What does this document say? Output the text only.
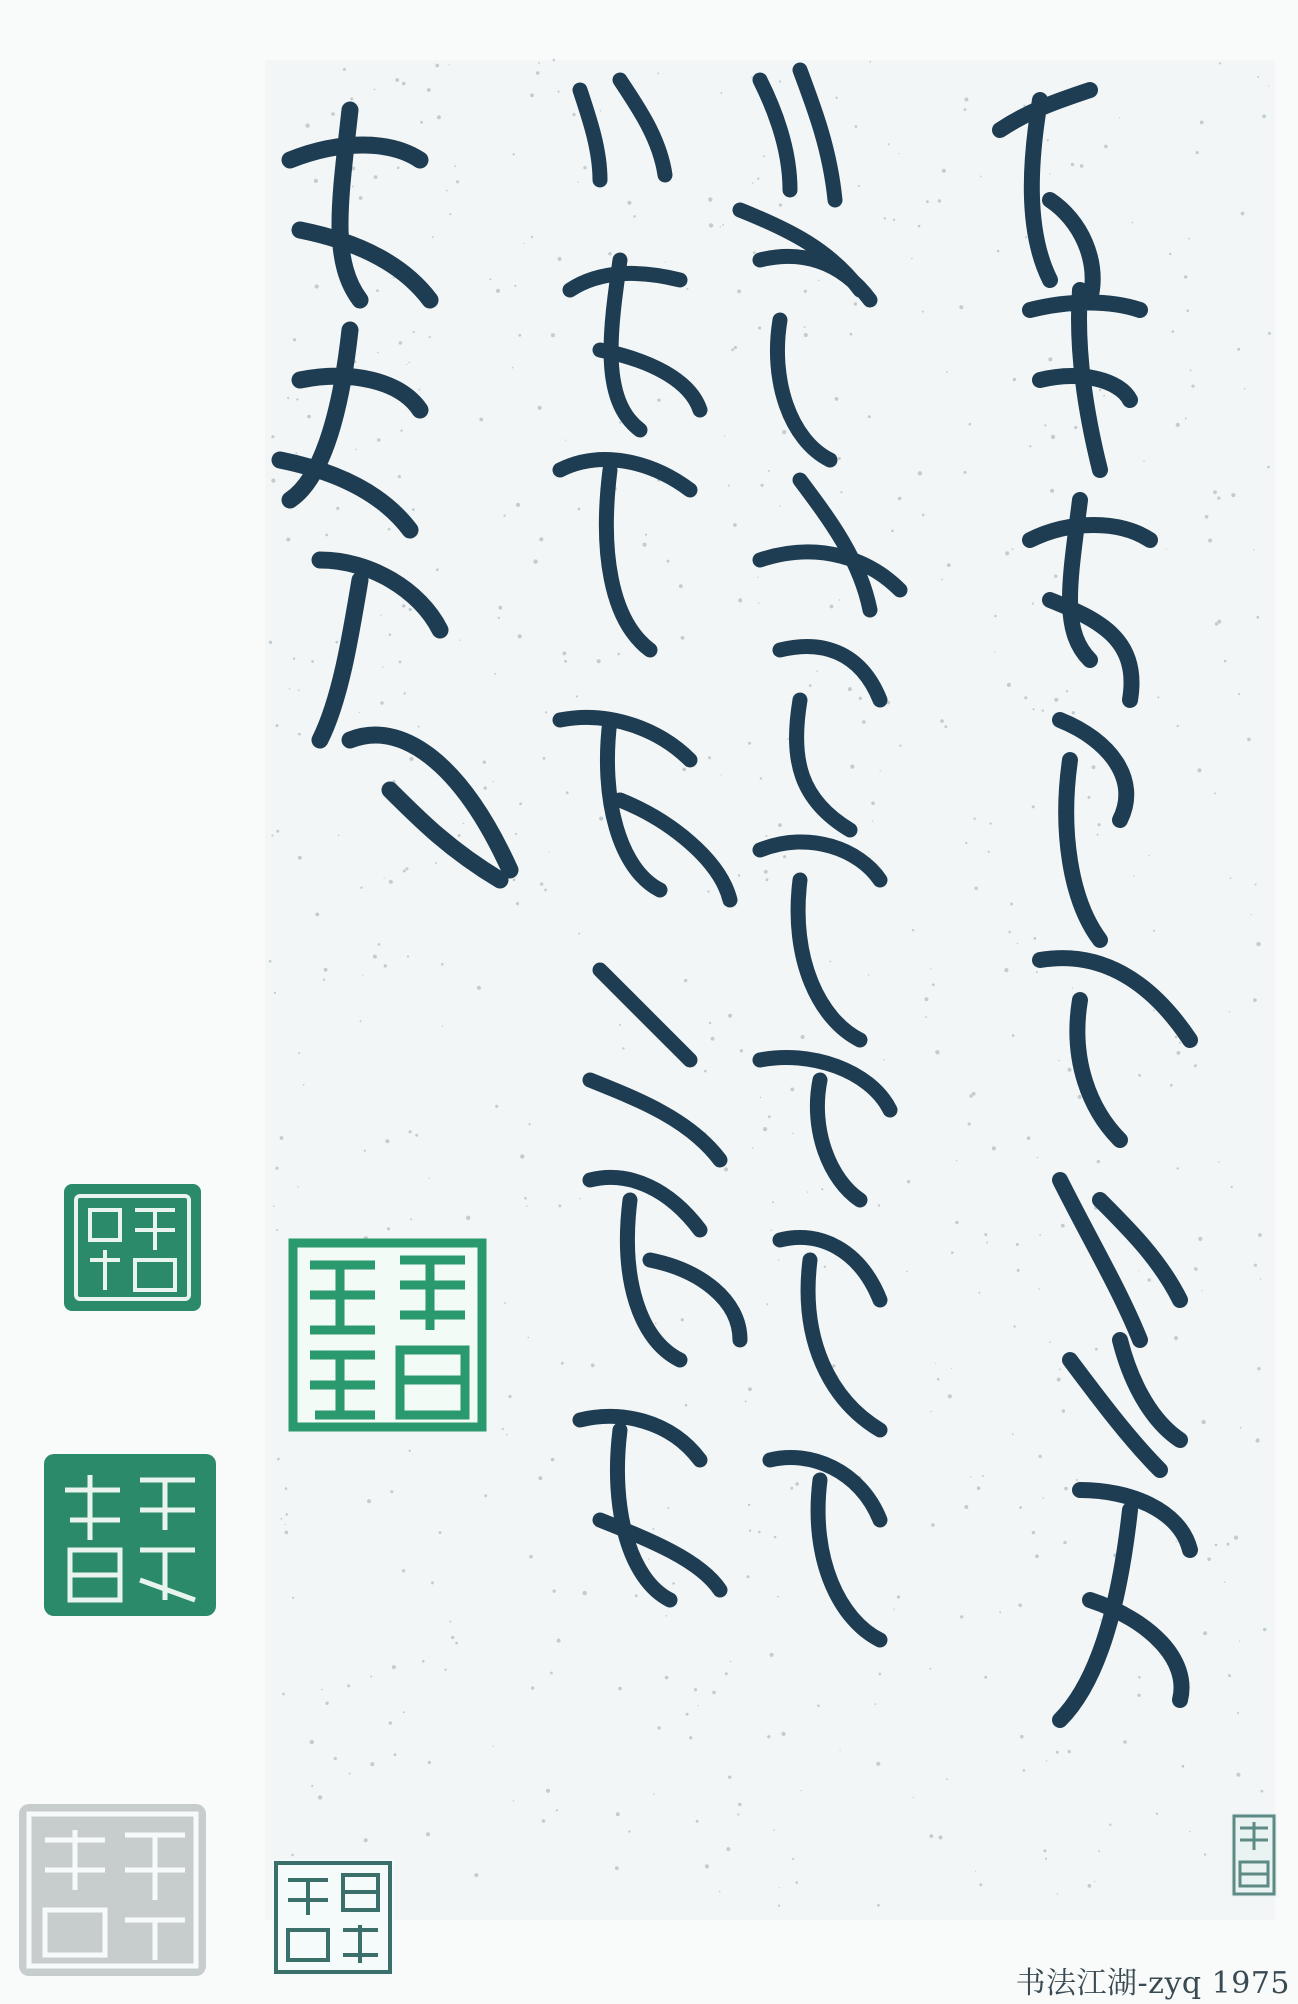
书法江湖-zyq 1975
